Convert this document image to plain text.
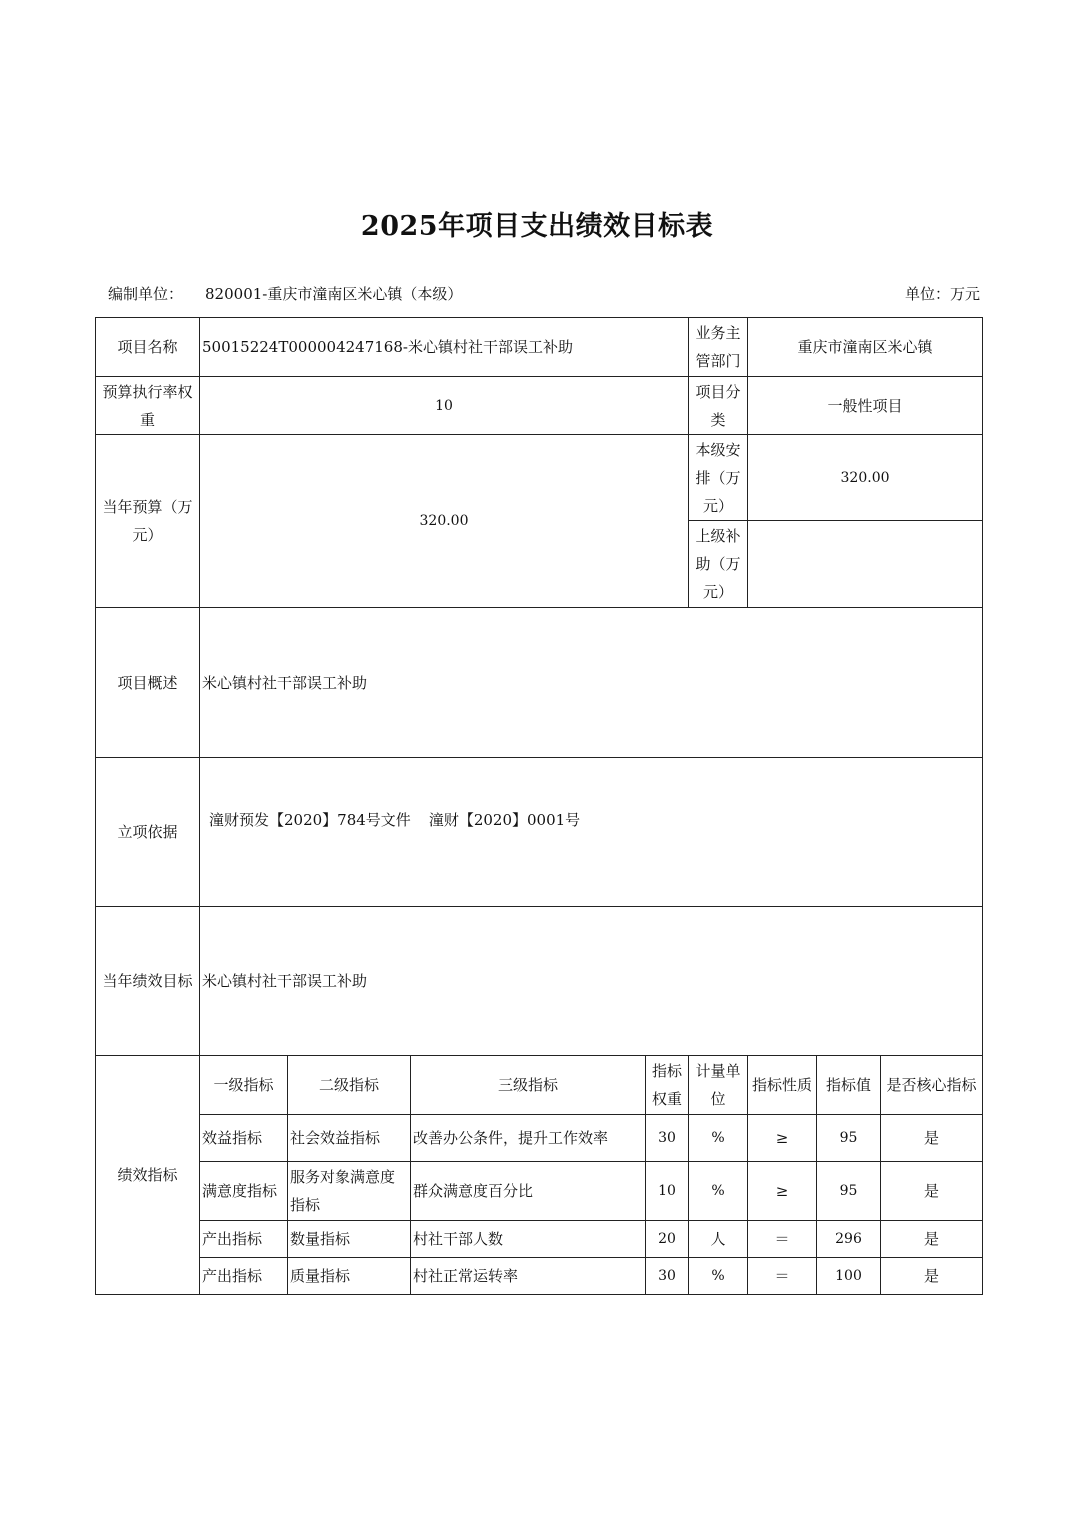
2025年项目支出绩效目标表
编制单位： 820001-重庆市潼南区米心镇（本级）	单位：万元
项目名称	50015224T000004247168-米心镇村社干部误工补助				业务主管部门	重庆市潼南区米心镇		
预算执行率权重	10				项目分类	一般性项目		
当年预算（万元）	320.00				本级安排（万元）	320.00		
					上级补助（万元）			
项目概述	米心镇村社干部误工补助							
立项依据	潼财预发【2020】784号文件 潼财【2020】0001号							
当年绩效目标	米心镇村社干部误工补助							
绩效指标	一级指标	二级指标	三级指标	指标权重	计量单位	指标性质	指标值	是否核心指标
	效益指标	社会效益指标	改善办公条件，提升工作效率	30	%	≥	95	是
	满意度指标	服务对象满意度指标	群众满意度百分比	10	%	≥	95	是
	产出指标	数量指标	村社干部人数	20	人	＝	296	是
	产出指标	质量指标	村社正常运转率	30	%	＝	100	是
